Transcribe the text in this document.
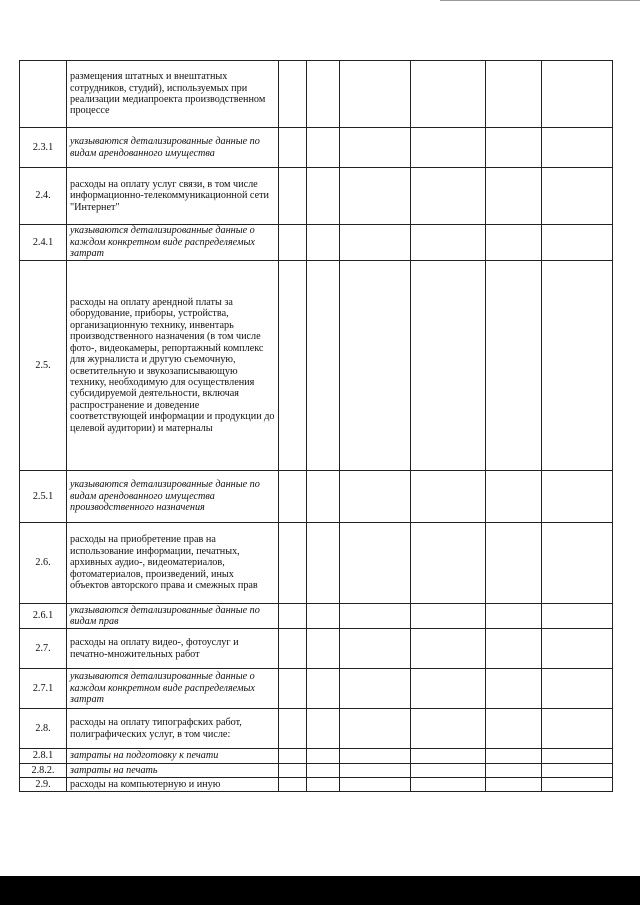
	размещения штатных и внештатных сотрудников, студий), используемых при реализации медиапроекта производственном процессе						
2.3.1	указываются детализированные данные по видам арендованного имущества						
2.4.	расходы на оплату услуг связи, в том числе информационно-телекоммуникационной сети "Интернет"						
2.4.1	указываются детализированные данные о каждом конкретном виде распределяемых затрат						
2.5.	расходы на оплату арендной платы за оборудование, приборы, устройства, организационную технику, инвентарь производственного назначения (в том числе фото-, видеокамеры, репортажный комплекс для журналиста и другую съемочную, осветительную и звукозаписывающую технику, необходимую для осуществления субсидируемой деятельности, включая распространение и доведение соответствующей информации и продукции до целевой аудитории) и матерналы						
2.5.1	указываются детализированные данные по видам арендованного имущества производственного назначения						
2.6.	расходы на приобретение прав на использование информации, печатных, архивных аудио-, видеоматериалов, фотоматериалов, произведений, иных объектов авторского права и смежных прав						
2.6.1	указываются детализированные данные по видам прав						
2.7.	расходы на оплату видео-, фотоуслуг и печатно-множительных работ						
2.7.1	указываются детализированные данные о каждом конкретном виде распределяемых затрат						
2.8.	расходы на оплату типографских работ, полиграфических услуг, в том числе:						
2.8.1	затраты на подготовку к печати						
2.8.2.	затраты на печать						
2.9.	расходы на компьютерную и иную						
